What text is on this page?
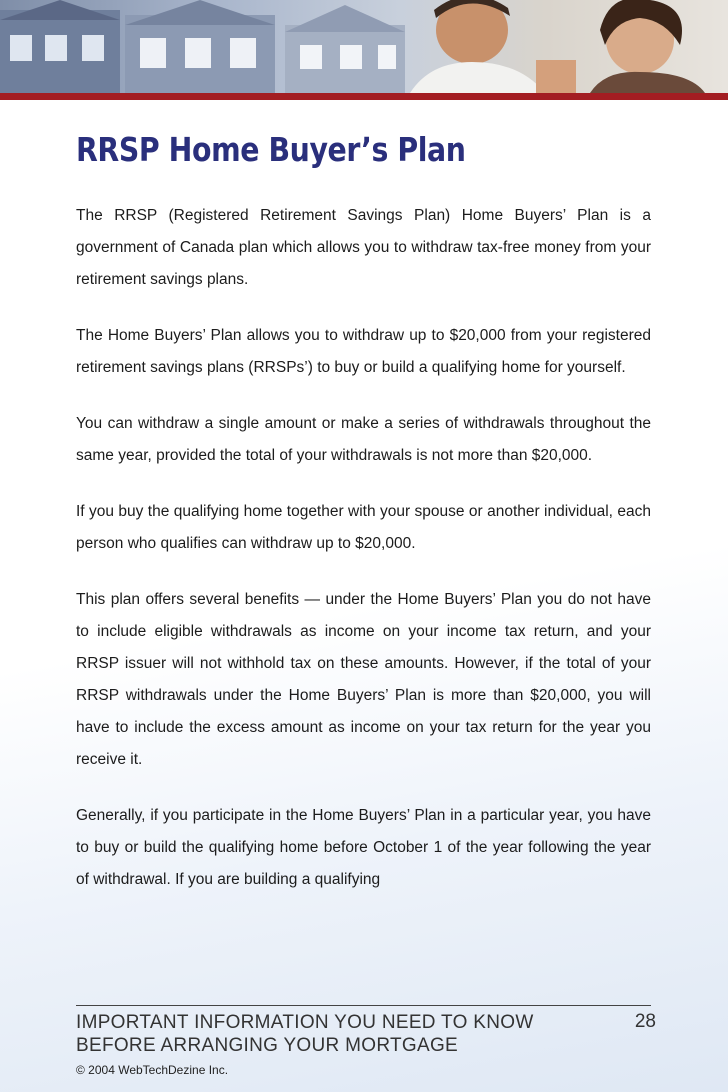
RRSP Home Buyer’s Plan

The RRSP (Registered Retirement Savings Plan) Home Buyers’ Plan is a government of Canada plan which allows you to withdraw tax-free money from your retirement savings plans.

The Home Buyers’ Plan allows you to withdraw up to $20,000 from your registered retirement savings plans (RRSPs’) to buy or build a qualifying home for yourself.

You can withdraw a single amount or make a series of withdrawals throughout the same year, provided the total of your withdrawals is not more than $20,000.

If you buy the qualifying home together with your spouse or another individual, each person who qualifies can withdraw up to $20,000.

This plan offers several benefits — under the Home Buyers’ Plan you do not have to include eligible withdrawals as income on your income tax return, and your RRSP issuer will not withhold tax on these amounts. However, if the total of your RRSP withdrawals under the Home Buyers’ Plan is more than $20,000, you will have to include the excess amount as income on your tax return for the year you receive it.

Generally, if you participate in the Home Buyers’ Plan in a particular year, you have to buy or build the qualifying home before October 1 of the year following the year of withdrawal. If you are building a qualifying

IMPORTANT INFORMATION YOU NEED TO KNOW
BEFORE ARRANGING YOUR MORTGAGE
28
© 2004 WebTechDezine Inc.
